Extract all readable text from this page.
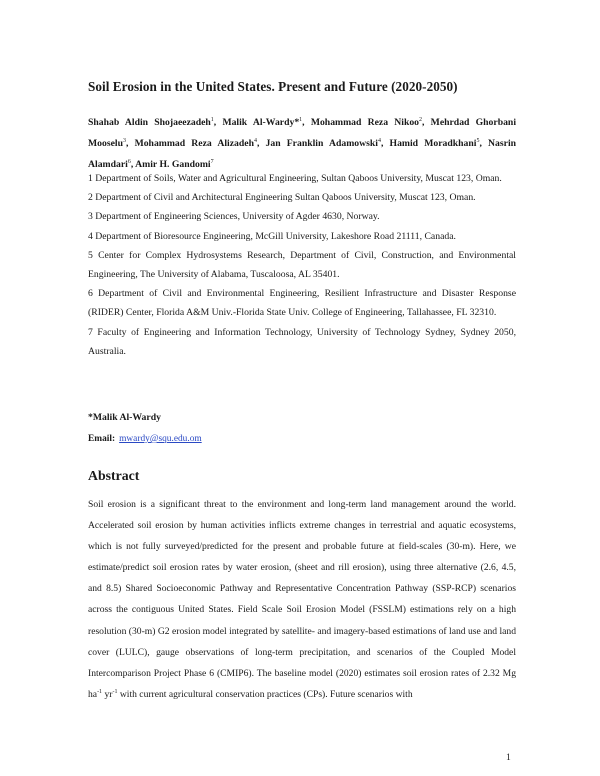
Soil Erosion in the United States. Present and Future (2020-2050)
Shahab Aldin Shojaeezadeh$^1$, Malik Al-Wardy*$^1$, Mohammad Reza Nikoo$^2$, Mehrdad Ghorbani Mooselu$^3$, Mohammad Reza Alizadeh$^4$, Jan Franklin Adamowski$^4$, Hamid Moradkhani$^5$, Nasrin Alamdari$^6$, Amir H. Gandomi$^7$

1 Department of Soils, Water and Agricultural Engineering, Sultan Qaboos University, Muscat 123, Oman.

2 Department of Civil and Architectural Engineering Sultan Qaboos University, Muscat 123, Oman.

3 Department of Engineering Sciences, University of Agder 4630, Norway.

4 Department of Bioresource Engineering, McGill University, Lakeshore Road 21111, Canada.

5 Center for Complex Hydrosystems Research, Department of Civil, Construction, and Environmental Engineering, The University of Alabama, Tuscaloosa, AL 35401.

6 Department of Civil and Environmental Engineering, Resilient Infrastructure and Disaster Response (RIDER) Center, Florida A&M Univ.-Florida State Univ. College of Engineering, Tallahassee, FL 32310.

7 Faculty of Engineering and Information Technology, University of Technology Sydney, Sydney 2050, Australia.

*Malik Al-Wardy
Email: mwardy@squ.edu.om
Abstract

Soil erosion is a significant threat to the environment and long-term land management around the world. Accelerated soil erosion by human activities inflicts extreme changes in terrestrial and aquatic ecosystems, which is not fully surveyed/predicted for the present and probable future at field-scales (30-m). Here, we estimate/predict soil erosion rates by water erosion, (sheet and rill erosion), using three alternative (2.6, 4.5, and 8.5) Shared Socioeconomic Pathway and Representative Concentration Pathway (SSP-RCP) scenarios across the contiguous United States. Field Scale Soil Erosion Model (FSSLM) estimations rely on a high resolution (30-m) G2 erosion model integrated by satellite- and imagery-based estimations of land use and land cover (LULC), gauge observations of long-term precipitation, and scenarios of the Coupled Model Intercomparison Project Phase 6 (CMIP6). The baseline model (2020) estimates soil erosion rates of 2.32 Mg $ha^{-1}$ $yr^{-1}$ with current agricultural conservation practices (CPs). Future scenarios with

1
